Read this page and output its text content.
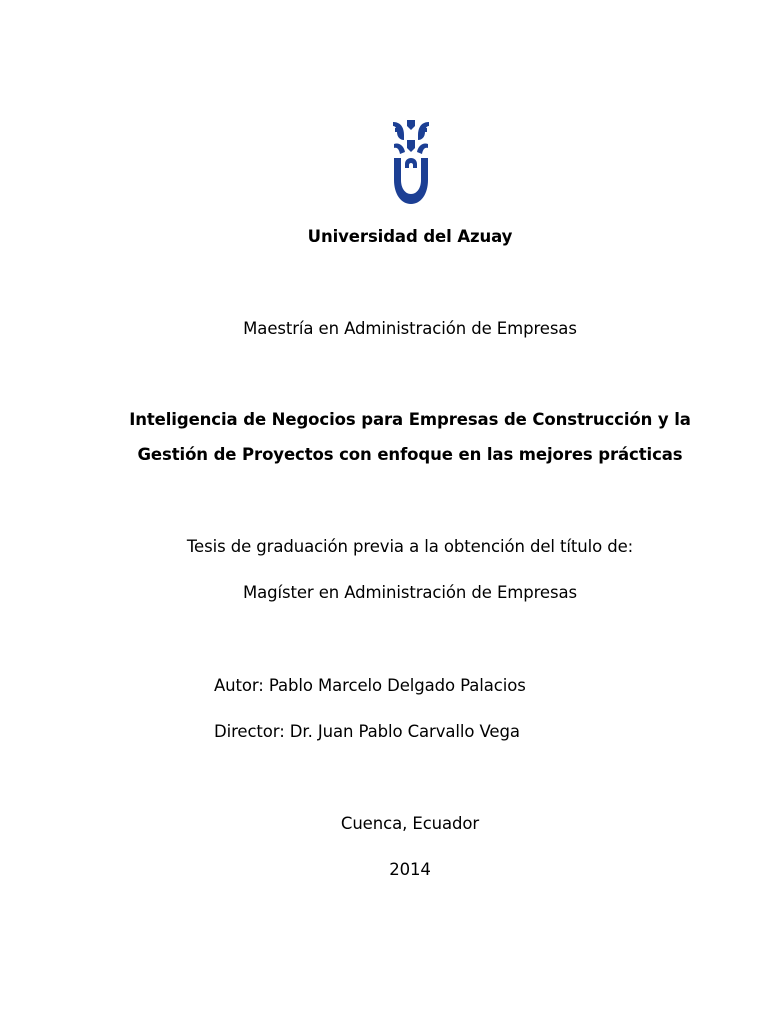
Universidad del Azuay
Maestría en Administración de Empresas
Inteligencia de Negocios para Empresas de Construcción y la
Gestión de Proyectos con enfoque en las mejores prácticas
Tesis de graduación previa a la obtención del título de:
Magíster en Administración de Empresas
Autor: Pablo Marcelo Delgado Palacios
Director: Dr. Juan Pablo Carvallo Vega
Cuenca, Ecuador
2014
